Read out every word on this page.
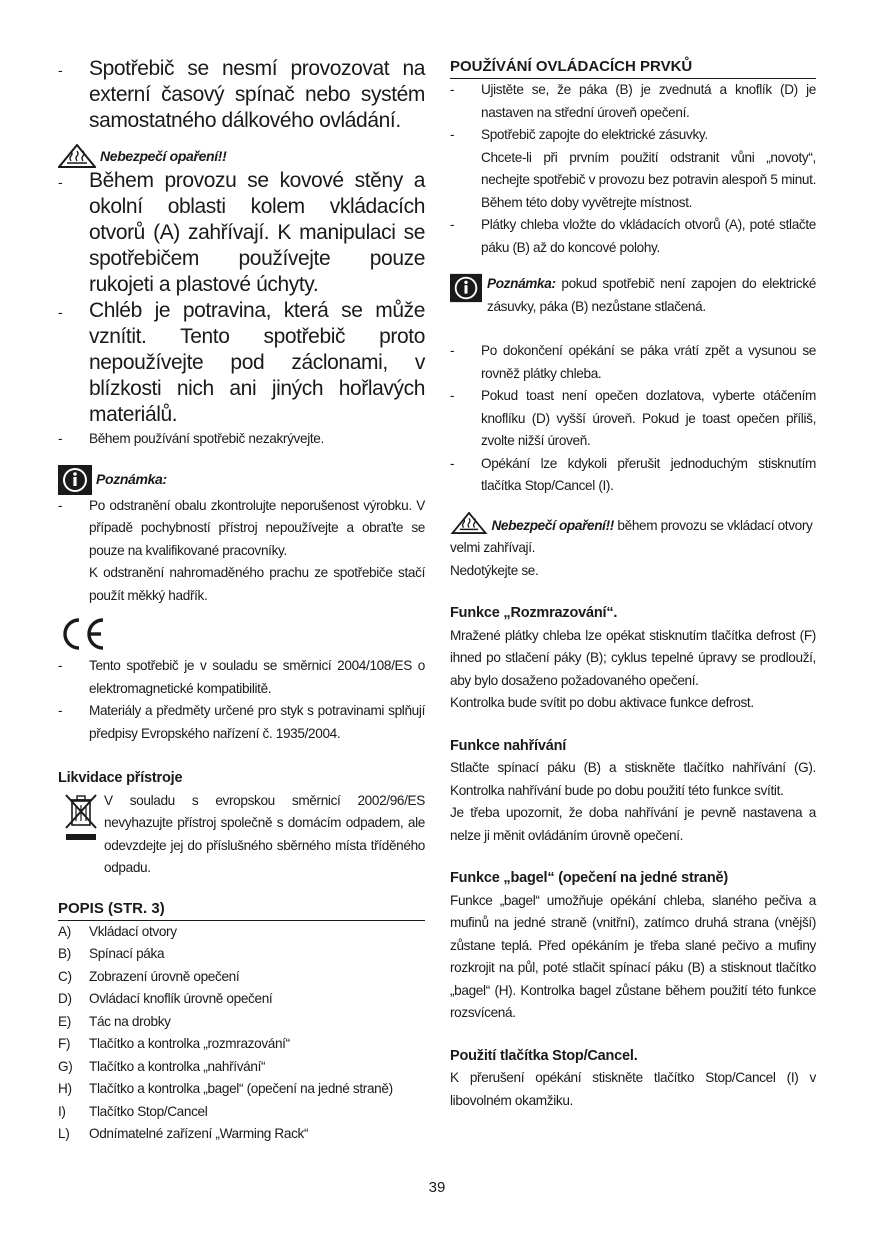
- Spotřebič se nesmí provozovat na externí časový spínač nebo systém samostatného dálkového ovládání.

Nebezpečí opaření!!
- Během provozu se kovové stěny a okolní oblasti kolem vkládacích otvorů (A) zahřívají. K manipulaci se spotřebičem používejte pouze rukojeti a plastové úchyty.

- Chléb je potravina, která se může vznítit. Tento spotřebič proto nepoužívejte pod záclonami, v blízkosti nich ani jiných hořlavých materiálů.

- Během používání spotřebič nezakrývejte.

Poznámka:
- Po odstranění obalu zkontrolujte neporušenost výrobku. V případě pochybností přístroj nepoužívejte a obraťte se pouze na kvalifikované pracovníky.

K odstranění nahromaděného prachu ze spotřebiče stačí použít měkký hadřík.

- Tento spotřebič je v souladu se směrnicí 2004/108/ES o elektromagnetické kompatibilitě.

- Materiály a předměty určené pro styk s potravinami splňují předpisy Evropského nařízení č. 1935/2004.

Likvidace přístroje

V souladu s evropskou směrnicí 2002/96/ES nevyhazujte přístroj společně s domácím odpadem, ale odevzdejte jej do příslušného sběrného místa tříděného odpadu.

POPIS (STR. 3)
A)	Vkládací otvory
B)	Spínací páka
C)	Zobrazení úrovně opečení
D)	Ovládací knoflík úrovně opečení
E)	Tác na drobky
F)	Tlačítko a kontrolka „rozmrazování“
G)	Tlačítko a kontrolka „nahřívání“
H)	Tlačítko a kontrolka „bagel“ (opečení na jedné straně)
I)	Tlačítko Stop/Cancel
L)	Odnímatelné zařízení „Warming Rack“
POUŽÍVÁNÍ OVLÁDACÍCH PRVKŮ
- Ujistěte se, že páka (B) je zvednutá a knoflík (D) je nastaven na střední úroveň opečení.

- Spotřebič zapojte do elektrické zásuvky.

Chcete-li při prvním použití odstranit vůni „novoty“, nechejte spotřebič v provozu bez potravin alespoň 5 minut. Během této doby vyvětrejte místnost.

- Plátky chleba vložte do vkládacích otvorů (A), poté stlačte páku (B) až do koncové polohy.

Poznámka: pokud spotřebič není zapojen do elektrické zásuvky, páka (B) nezůstane stlačená.

- Po dokončení opékání se páka vrátí zpět a vysunou se rovněž plátky chleba.

- Pokud toast není opečen dozlatova, vyberte otáčením knoflíku (D) vyšší úroveň. Pokud je toast opečen příliš, zvolte nižší úroveň.

- Opékání lze kdykoli přerušit jednoduchým stisknutím tlačítka Stop/Cancel (I).

Nebezpečí opaření!! během provozu se vkládací otvory velmi zahřívají.

Nedotýkejte se.

Funkce „Rozmrazování“.

Mražené plátky chleba lze opékat stisknutím tlačítka defrost (F) ihned po stlačení páky (B); cyklus tepelné úpravy se prodlouží, aby bylo dosaženo požadovaného opečení.

Kontrolka bude svítit po dobu aktivace funkce defrost.

Funkce nahřívání

Stlačte spínací páku (B) a stiskněte tlačítko nahřívání (G). Kontrolka nahřívání bude po dobu použití této funkce svítit.

Je třeba upozornit, že doba nahřívání je pevně nastavena a nelze ji měnit ovládáním úrovně opečení.

Funkce „bagel“ (opečení na jedné straně)

Funkce „bagel“ umožňuje opékání chleba, slaného pečiva a mufinů na jedné straně (vnitřní), zatímco druhá strana (vnější) zůstane teplá. Před opékáním je třeba slané pečivo a mufiny rozkrojit na půl, poté stlačit spínací páku (B) a stisknout tlačítko „bagel“ (H). Kontrolka bagel zůstane během použití této funkce rozsvícená.

Použití tlačítka Stop/Cancel.

K přerušení opékání stiskněte tlačítko Stop/Cancel (I) v libovolném okamžiku.

39
